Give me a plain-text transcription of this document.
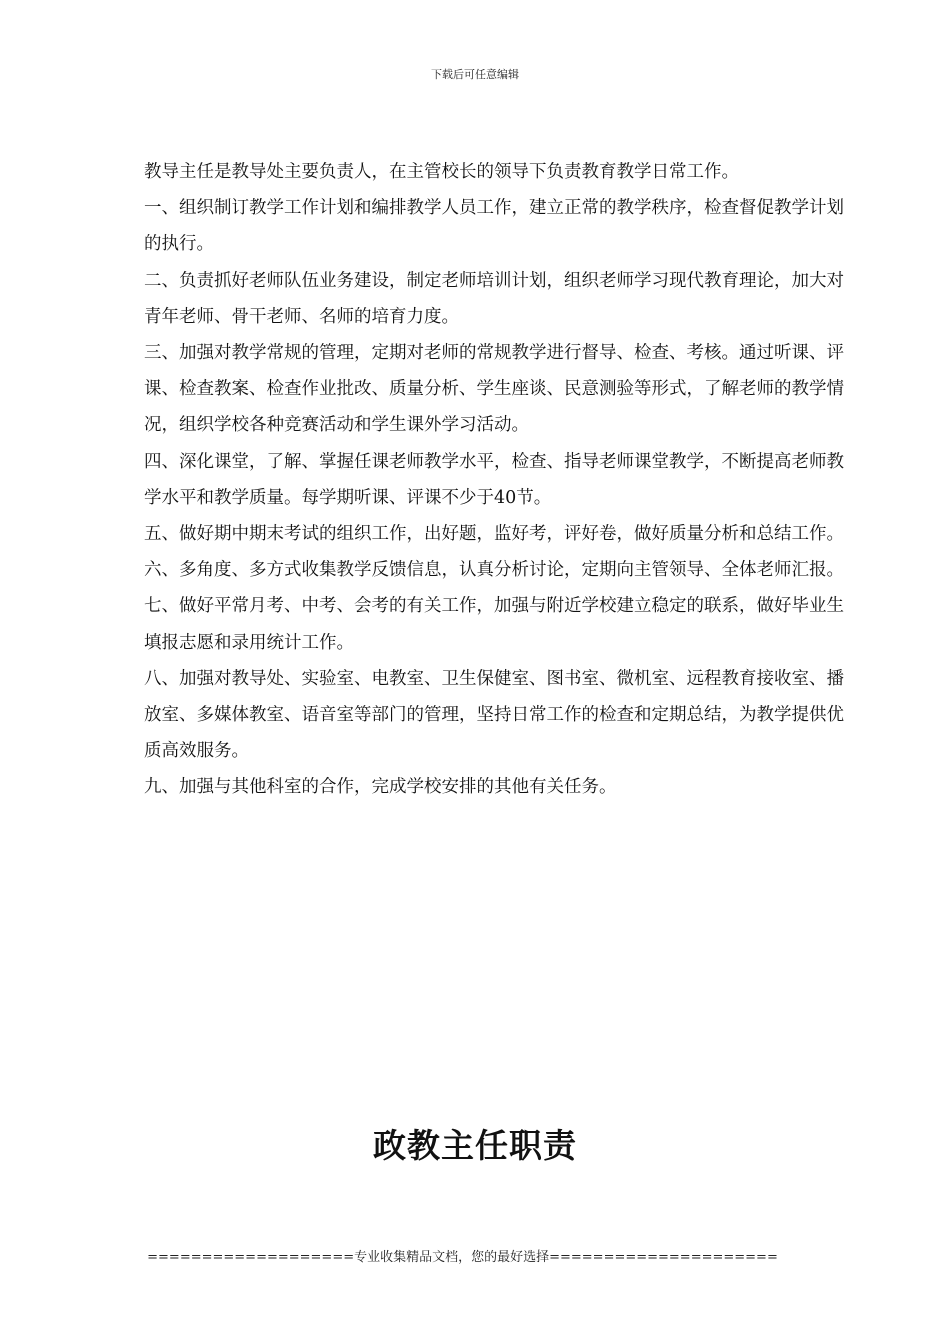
下载后可任意编辑

教导主任是教导处主要负责人，在主管校长的领导下负责教育教学日常工作。

一、组织制订教学工作计划和编排教学人员工作，建立正常的教学秩序，检查督促教学计划的执行。

二、负责抓好老师队伍业务建设，制定老师培训计划，组织老师学习现代教育理论，加大对青年老师、骨干老师、名师的培育力度。

三、加强对教学常规的管理，定期对老师的常规教学进行督导、检查、考核。通过听课、评课、检查教案、检查作业批改、质量分析、学生座谈、民意测验等形式，了解老师的教学情况，组织学校各种竞赛活动和学生课外学习活动。

四、深化课堂，了解、掌握任课老师教学水平，检查、指导老师课堂教学，不断提高老师教学水平和教学质量。每学期听课、评课不少于40节。

五、做好期中期末考试的组织工作，出好题，监好考，评好卷，做好质量分析和总结工作。

六、多角度、多方式收集教学反馈信息，认真分析讨论，定期向主管领导、全体老师汇报。

七、做好平常月考、中考、会考的有关工作，加强与附近学校建立稳定的联系，做好毕业生填报志愿和录用统计工作。

八、加强对教导处、实验室、电教室、卫生保健室、图书室、微机室、远程教育接收室、播放室、多媒体教室、语音室等部门的管理，坚持日常工作的检查和定期总结，为教学提供优质高效服务。

九、加强与其他科室的合作，完成学校安排的其他有关任务。

政教主任职责
===================专业收集精品文档，您的最好选择=====================
